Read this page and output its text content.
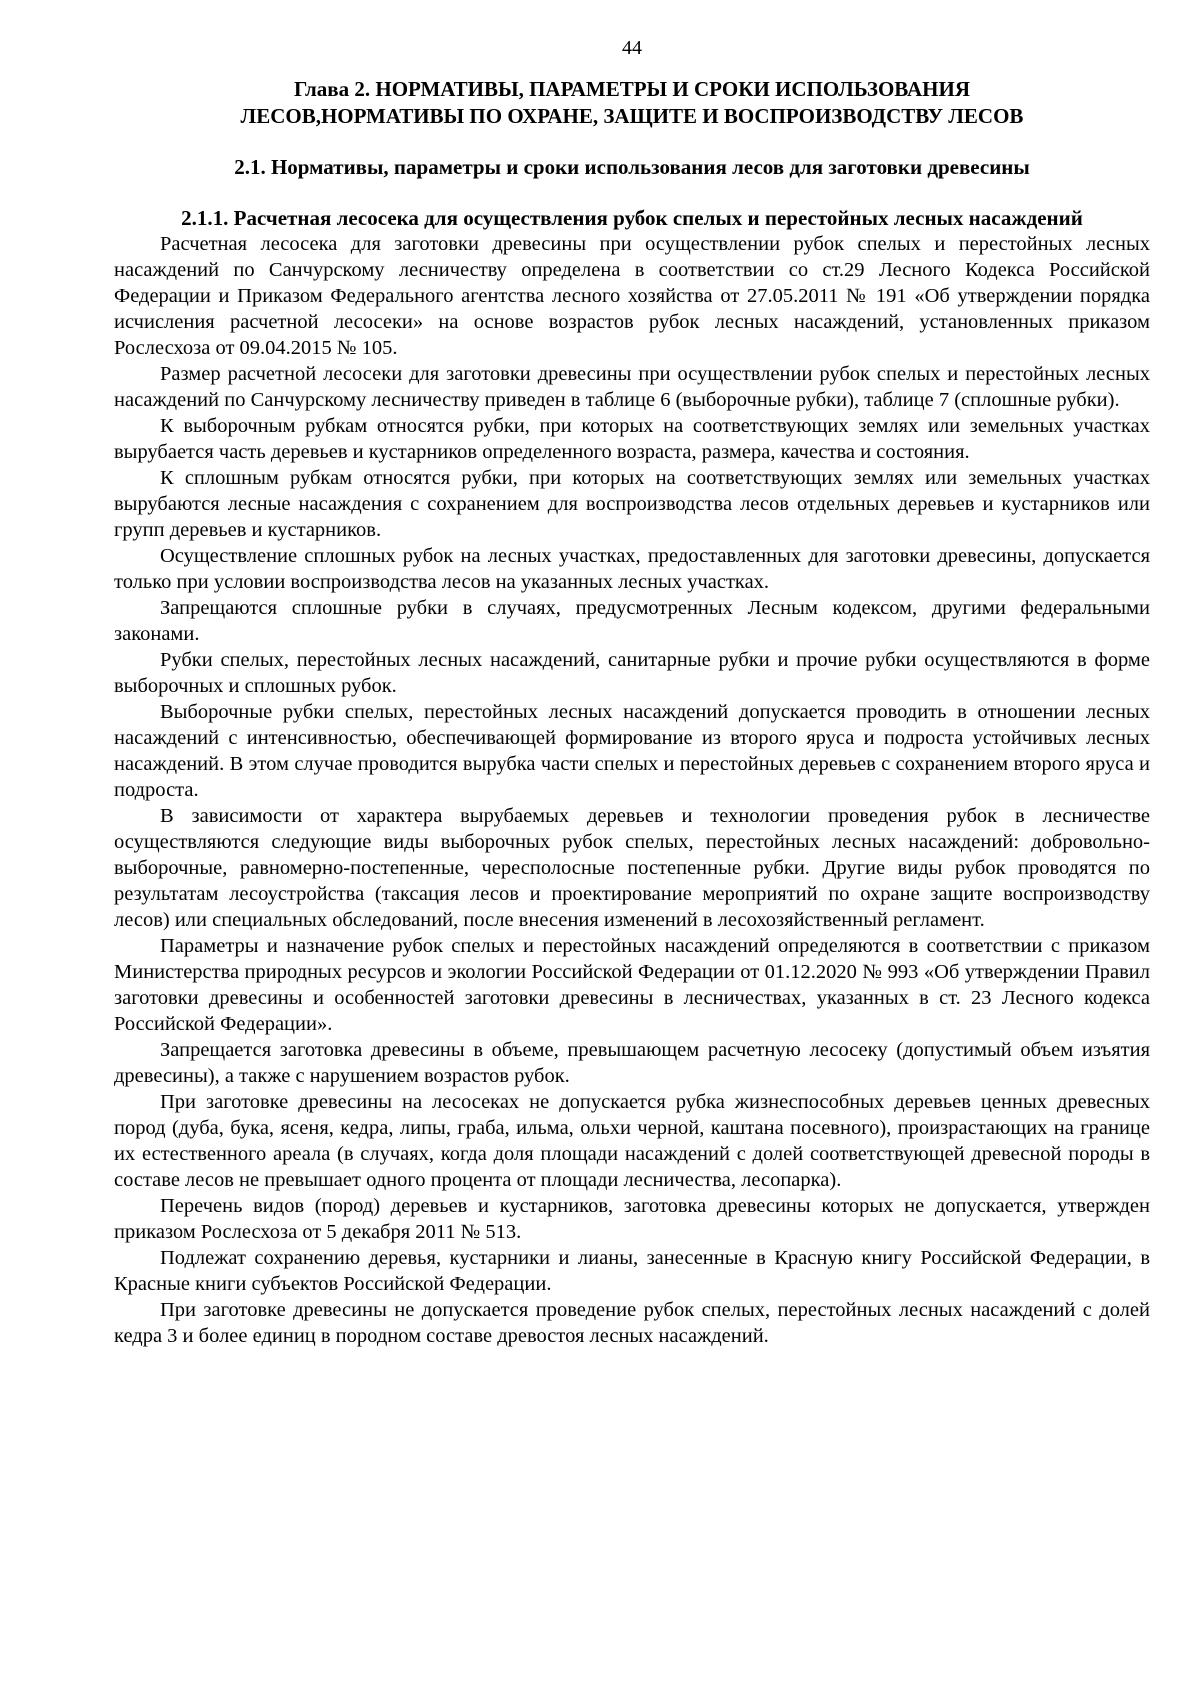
44
Глава 2. НОРМАТИВЫ, ПАРАМЕТРЫ И СРОКИ ИСПОЛЬЗОВАНИЯ
ЛЕСОВ,НОРМАТИВЫ ПО ОХРАНЕ, ЗАЩИТЕ И ВОСПРОИЗВОДСТВУ ЛЕСОВ
2.1. Нормативы, параметры и сроки использования лесов для заготовки древесины
2.1.1. Расчетная лесосека для осуществления рубок спелых и перестойных лесных насаждений

Расчетная лесосека для заготовки древесины при осуществлении рубок спелых и перестойных лесных насаждений по Санчурскому лесничеству определена в соответствии со ст.29 Лесного Кодекса Российской Федерации и Приказом Федерального агентства лесного хозяйства от 27.05.2011 № 191 «Об утверждении порядка исчисления расчетной лесосеки» на основе возрастов рубок лесных насаждений, установленных приказом Рослесхоза от 09.04.2015 № 105.

Размер расчетной лесосеки для заготовки древесины при осуществлении рубок спелых и перестойных лесных насаждений по Санчурскому лесничеству приведен в таблице 6 (выборочные рубки), таблице 7 (сплошные рубки).

К выборочным рубкам относятся рубки, при которых на соответствующих землях или земельных участках вырубается часть деревьев и кустарников определенного возраста, размера, качества и состояния.

К сплошным рубкам относятся рубки, при которых на соответствующих землях или земельных участках вырубаются лесные насаждения с сохранением для воспроизводства лесов отдельных деревьев и кустарников или групп деревьев и кустарников.

Осуществление сплошных рубок на лесных участках, предоставленных для заготовки древесины, допускается только при условии воспроизводства лесов на указанных лесных участках.

Запрещаются сплошные рубки в случаях, предусмотренных Лесным кодексом, другими федеральными законами.

Рубки спелых, перестойных лесных насаждений, санитарные рубки и прочие рубки осуществляются в форме выборочных и сплошных рубок.

Выборочные рубки спелых, перестойных лесных насаждений допускается проводить в отношении лесных насаждений с интенсивностью, обеспечивающей формирование из второго яруса и подроста устойчивых лесных насаждений. В этом случае проводится вырубка части спелых и перестойных деревьев с сохранением второго яруса и подроста.

В зависимости от характера вырубаемых деревьев и технологии проведения рубок в лесничестве осуществляются следующие виды выборочных рубок спелых, перестойных лесных насаждений: добровольно-выборочные, равномерно-постепенные, чересполосные постепенные рубки. Другие виды рубок проводятся по результатам лесоустройства (таксация лесов и проектирование мероприятий по охране защите воспроизводству лесов) или специальных обследований, после внесения изменений в лесохозяйственный регламент.

Параметры и назначение рубок спелых и перестойных насаждений определяются в соответствии с приказом Министерства природных ресурсов и экологии Российской Федерации от 01.12.2020 № 993 «Об утверждении Правил заготовки древесины и особенностей заготовки древесины в лесничествах, указанных в ст. 23 Лесного кодекса Российской Федерации».

Запрещается заготовка древесины в объеме, превышающем расчетную лесосеку (допустимый объем изъятия древесины), а также с нарушением возрастов рубок.

При заготовке древесины на лесосеках не допускается рубка жизнеспособных деревьев ценных древесных пород (дуба, бука, ясеня, кедра, липы, граба, ильма, ольхи черной, каштана посевного), произрастающих на границе их естественного ареала (в случаях, когда доля площади насаждений с долей соответствующей древесной породы в составе лесов не превышает одного процента от площади лесничества, лесопарка).

Перечень видов (пород) деревьев и кустарников, заготовка древесины которых не допускается, утвержден приказом Рослесхоза от 5 декабря 2011 № 513.

Подлежат сохранению деревья, кустарники и лианы, занесенные в Красную книгу Российской Федерации, в Красные книги субъектов Российской Федерации.

При заготовке древесины не допускается проведение рубок спелых, перестойных лесных насаждений с долей кедра 3 и более единиц в породном составе древостоя лесных насаждений.
